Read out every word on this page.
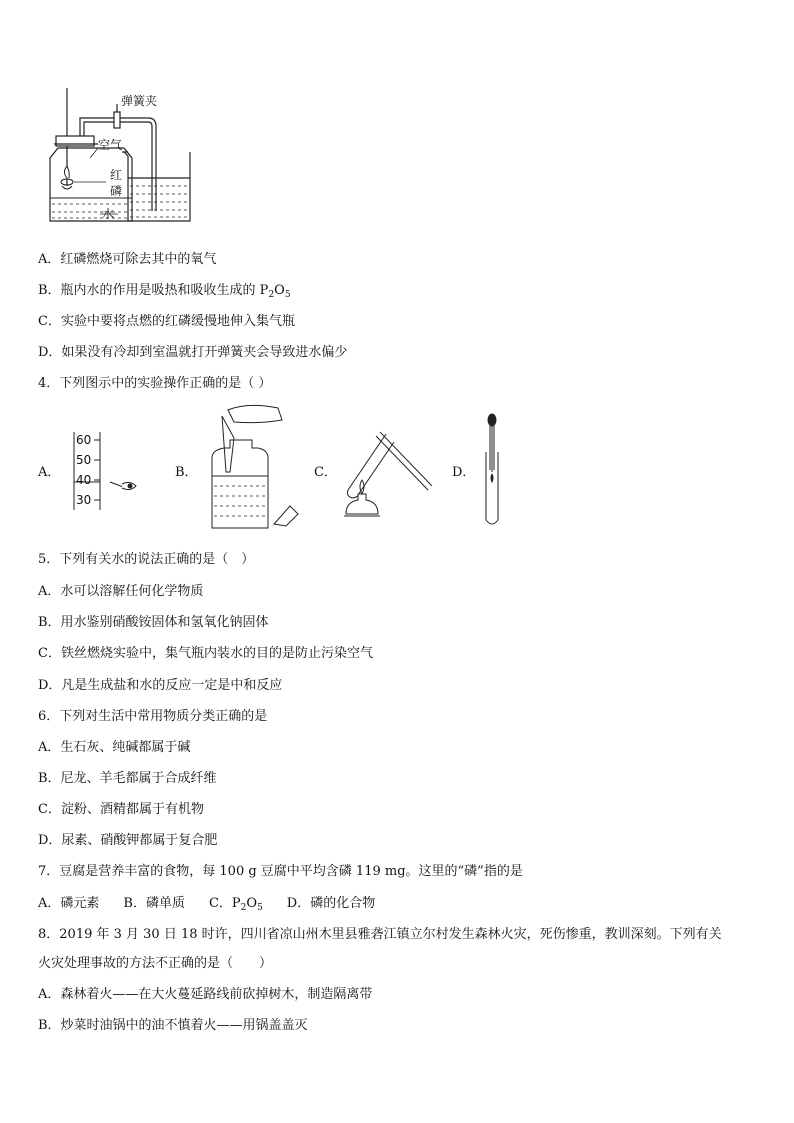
弹簧夹
空气
红
磷
水
A．红磷燃烧可除去其中的氧气
B．瓶内水的作用是吸热和吸收生成的 $P_2O_5$
C．实验中要将点燃的红磷缓慢地伸入集气瓶
D．如果没有冷却到室温就打开弹簧夹会导致进水偏少
4．下列图示中的实验操作正确的是（ ）
A．
60
50
40
30
B．	C．	D．
5．下列有关水的说法正确的是（　）
A．水可以溶解任何化学物质
B．用水鉴别硝酸铵固体和氢氧化钠固体
C．铁丝燃烧实验中，集气瓶内装水的目的是防止污染空气
D．凡是生成盐和水的反应一定是中和反应
6．下列对生活中常用物质分类正确的是
A．生石灰、纯碱都属于碱
B．尼龙、羊毛都属于合成纤维
C．淀粉、酒精都属于有机物
D．尿素、硝酸钾都属于复合肥
7．豆腐是营养丰富的食物，每 100 g 豆腐中平均含磷 119 mg。这里的“磷”指的是
A．磷元素 B．磷单质 C．$P_2O_5$ D．磷的化合物
8．2019 年 3 月 30 日 18 时许，四川省凉山州木里县雅砻江镇立尔村发生森林火灾，死伤惨重，教训深刻。下列有关
火灾处理事故的方法不正确的是（　　）
A．森林着火——在大火蔓延路线前砍掉树木，制造隔离带
B．炒菜时油锅中的油不慎着火——用锅盖盖灭
